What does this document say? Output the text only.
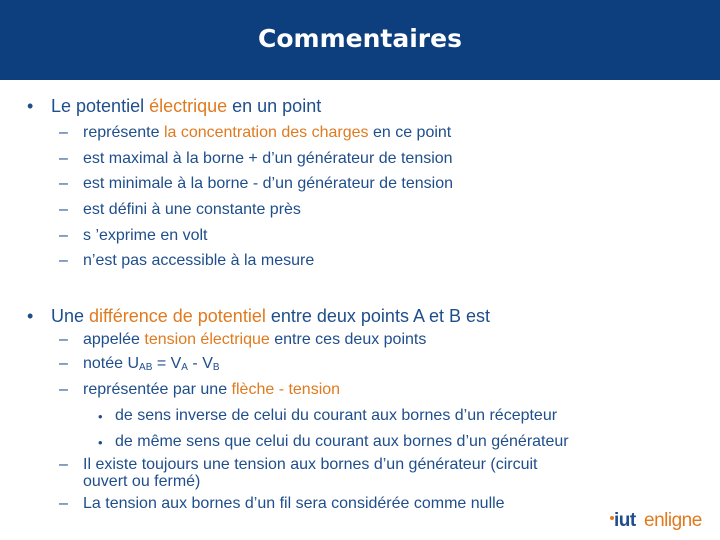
Commentaires
• Le potentiel électrique en un point
– représente la concentration des charges en ce point
– est maximal à la borne + d’un générateur de tension
– est minimale à la borne - d’un générateur de tension
– est défini à une constante près
– s ’exprime en volt
– n’est pas accessible à la mesure
• Une différence de potentiel entre deux points A et B est
– appelée tension électrique entre ces deux points
– notée $U_{AB} = V_A - V_B$
– représentée par une flèche - tension
• de sens inverse de celui du courant aux bornes d’un récepteur
• de même sens que celui du courant aux bornes d’un générateur
– Il existe toujours une tension aux bornes d’un générateur (circuit
ouvert ou fermé)
– La tension aux bornes d’un fil sera considérée comme nulle
iut enligne
